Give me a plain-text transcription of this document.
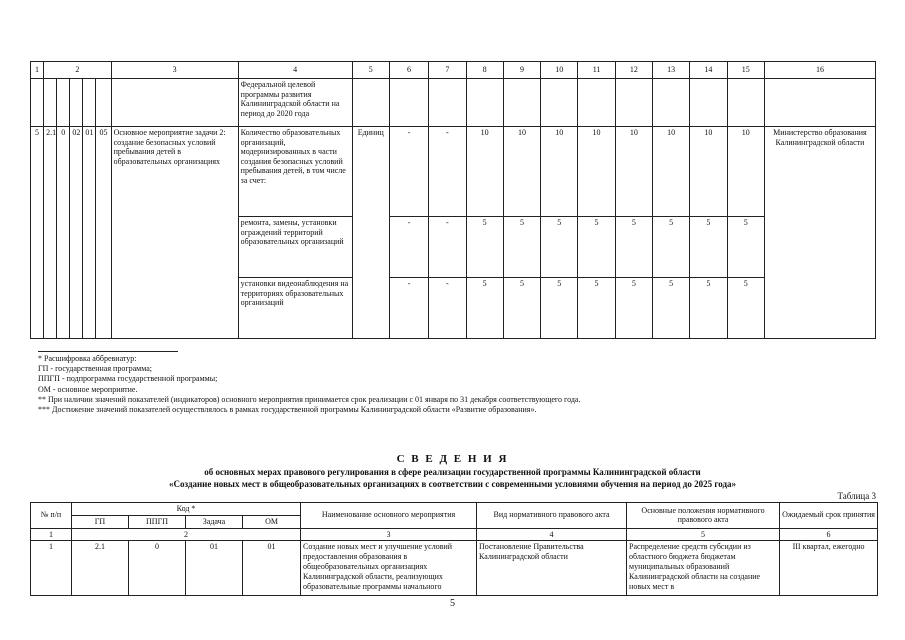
1	2					3	4	5	6	7	8	9	10	11	12	13	14	15	16
							Федеральной целевой программы развития Калининградской области на период до 2020 года												
5	2.1	0	02	01	05	Основное мероприятие задачи 2: создание безопасных условий пребывания детей в образовательных организациях	Количество образовательных организаций, модернизированных в части создания безопасных условий пребывания детей, в том числе за счет:	Единиц	-	-	10	10	10	10	10	10	10	10	Министерство образования Калининградской области
							ремонта, замены, установки ограждений территорий образовательных организаций		-	-	5	5	5	5	5	5	5	5	
							установки видеонаблюдения на территориях образовательных организаций		-	-	5	5	5	5	5	5	5	5	
* Расшифровка аббревиатур:
ГП - государственная программа;
ППГП - подпрограмма государственной программы;
ОМ - основное мероприятие.
** При наличии значений показателей (индикаторов) основного мероприятия принимается срок реализации с 01 января по 31 декабря соответствующего года.
*** Достижение значений показателей осуществлялось в рамках государственной программы Калининградской области «Развитие образования».
С В Е Д Е Н И Я
об основных мерах правового регулирования в сфере реализации государственной программы Калининградской области
«Создание новых мест в общеобразовательных организациях в соответствии с современными условиями обучения на период до 2025 года»
Таблица 3
№ п/п	Код *				Наименование основного мероприятия	Вид нормативного правового акта	Основные положения нормативного правового акта	Ожидаемый срок принятия
	ГП	ППГП	Задача	ОМ				
1	2				3	4	5	6
1	2.1	0	01	01	Создание новых мест и улучшение условий предоставления образования в общеобразовательных организациях Калининградской области, реализующих образовательные программы начального	Постановление Правительства Калининградской области	Распределение средств субсидии из областного бюджета бюджетам муниципальных образований Калининградской области на создание новых мест в	III квартал, ежегодно
5
